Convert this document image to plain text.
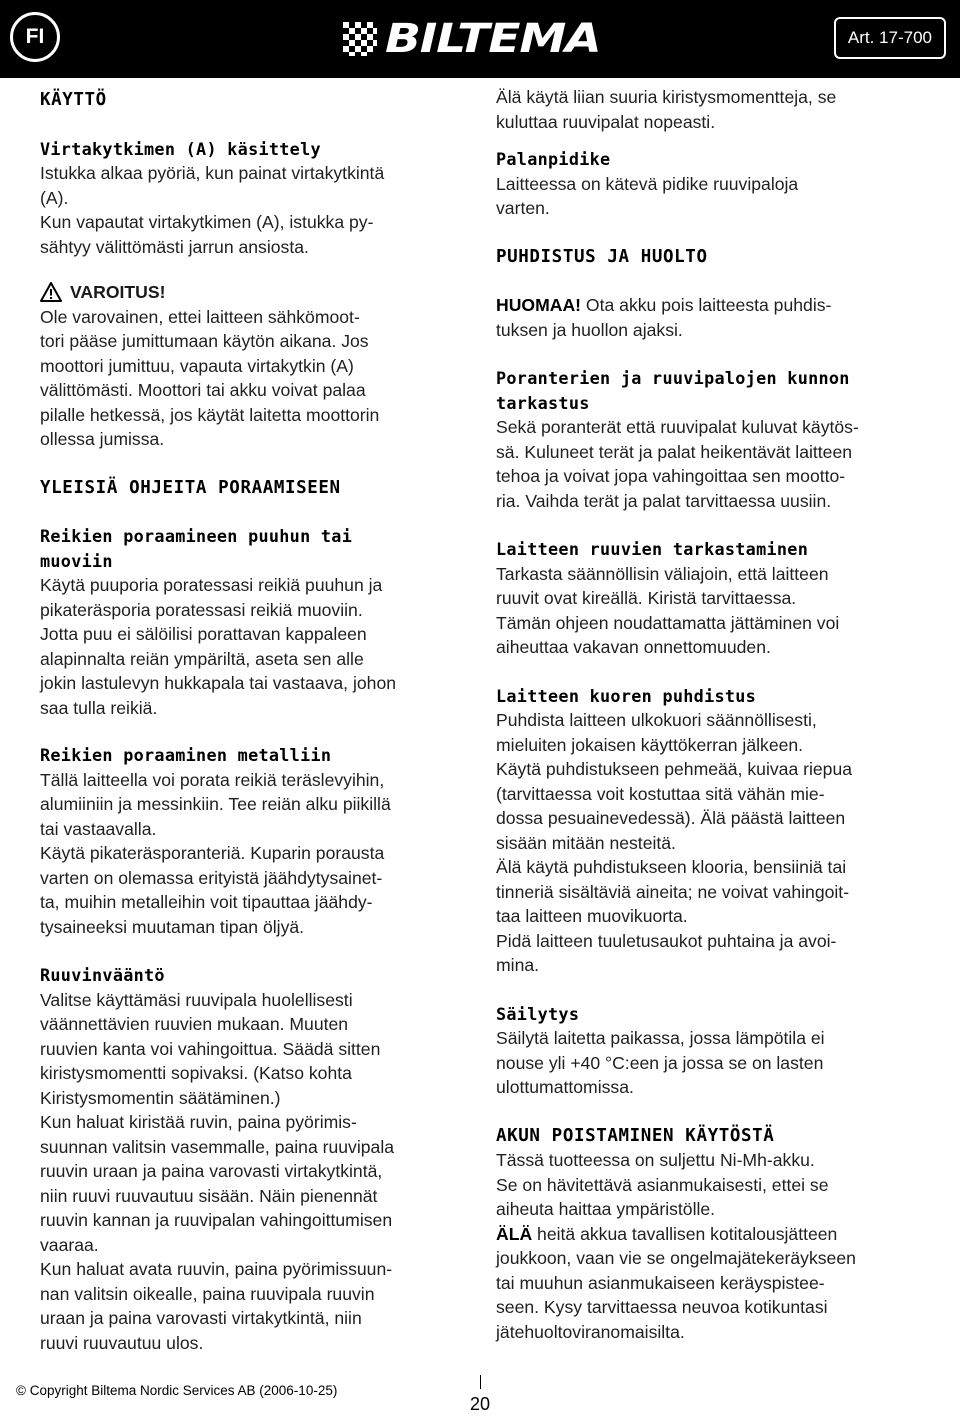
FI	BILTEMA	Art. 17-700
KÄYTTÖ
Virtakytkimen (A) käsittely

Istukka alkaa pyöriä, kun painat virtakytkintä
(A).
Kun vapautat virtakytkimen (A), istukka py-
sähtyy välittömästi jarrun ansiosta.

VAROITUS!

Ole varovainen, ettei laitteen sähkömoot-
tori pääse jumittumaan käytön aikana. Jos
moottori jumittuu, vapauta virtakytkin (A)
välittömästi. Moottori tai akku voivat palaa
pilalle hetkessä, jos käytät laitetta moottorin
ollessa jumissa.

YLEISIÄ OHJEITA PORAAMISEEN
Reikien poraamineen puuhun tai
muoviin

Käytä puuporia poratessasi reikiä puuhun ja
pikateräsporia poratessasi reikiä muoviin.
Jotta puu ei sälöilisi porattavan kappaleen
alapinnalta reiän ympäriltä, aseta sen alle
jokin lastulevyn hukkapala tai vastaava, johon
saa tulla reikiä.

Reikien poraaminen metalliin

Tällä laitteella voi porata reikiä teräslevyihin,
alumiiniin ja messinkiin. Tee reiän alku piikillä
tai vastaavalla.
Käytä pikateräsporanteriä. Kuparin porausta
varten on olemassa erityistä jäähdytysainet-
ta, muihin metalleihin voit tipauttaa jäähdy-
tysaineeksi muutaman tipan öljyä.

Ruuvinvääntö

Valitse käyttämäsi ruuvipala huolellisesti
väännettävien ruuvien mukaan. Muuten
ruuvien kanta voi vahingoittua. Säädä sitten
kiristysmomentti sopivaksi. (Katso kohta
Kiristysmomentin säätäminen.)
Kun haluat kiristää ruvin, paina pyörimis-
suunnan valitsin vasemmalle, paina ruuvipala
ruuvin uraan ja paina varovasti virtakytkintä,
niin ruuvi ruuvautuu sisään. Näin pienennät
ruuvin kannan ja ruuvipalan vahingoittumisen
vaaraa.
Kun haluat avata ruuvin, paina pyörimissuun-
nan valitsin oikealle, paina ruuvipala ruuvin
uraan ja paina varovasti virtakytkintä, niin
ruuvi ruuvautuu ulos.

Älä käytä liian suuria kiristysmomentteja, se
kuluttaa ruuvipalat nopeasti.

Palanpidike

Laitteessa on kätevä pidike ruuvipaloja
varten.

PUHDISTUS JA HUOLTO

HUOMAA! Ota akku pois laitteesta puhdis-
tuksen ja huollon ajaksi.

Poranterien ja ruuvipalojen kunnon
tarkastus

Sekä poranterät että ruuvipalat kuluvat käytös-
sä. Kuluneet terät ja palat heikentävät laitteen
tehoa ja voivat jopa vahingoittaa sen mootto-
ria. Vaihda terät ja palat tarvittaessa uusiin.

Laitteen ruuvien tarkastaminen

Tarkasta säännöllisin väliajoin, että laitteen
ruuvit ovat kireällä. Kiristä tarvittaessa.
Tämän ohjeen noudattamatta jättäminen voi
aiheuttaa vakavan onnettomuuden.

Laitteen kuoren puhdistus

Puhdista laitteen ulkokuori säännöllisesti,
mieluiten jokaisen käyttökerran jälkeen.
Käytä puhdistukseen pehmeää, kuivaa riepua
(tarvittaessa voit kostuttaa sitä vähän mie-
dossa pesuainevedessä). Älä päästä laitteen
sisään mitään nesteitä.
Älä käytä puhdistukseen klooria, bensiiniä tai
tinneriä sisältäviä aineita; ne voivat vahingoit-
taa laitteen muovikuorta.
Pidä laitteen tuuletusaukot puhtaina ja avoi-
mina.

Säilytys

Säilytä laitetta paikassa, jossa lämpötila ei
nouse yli +40 °C:een ja jossa se on lasten
ulottumattomissa.

AKUN POISTAMINEN KÄYTÖSTÄ

Tässä tuotteessa on suljettu Ni-Mh-akku.
Se on hävitettävä asianmukaisesti, ettei se
aiheuta haittaa ympäristölle.

ÄLÄ heitä akkua tavallisen kotitalousjätteen
joukkoon, vaan vie se ongelmajätekeräykseen
tai muuhun asianmukaiseen keräyspistee-
seen. Kysy tarvittaessa neuvoa kotikuntasi
jätehuoltoviranomaisilta.

© Copyright Biltema Nordic Services AB (2006-10-25)
20
